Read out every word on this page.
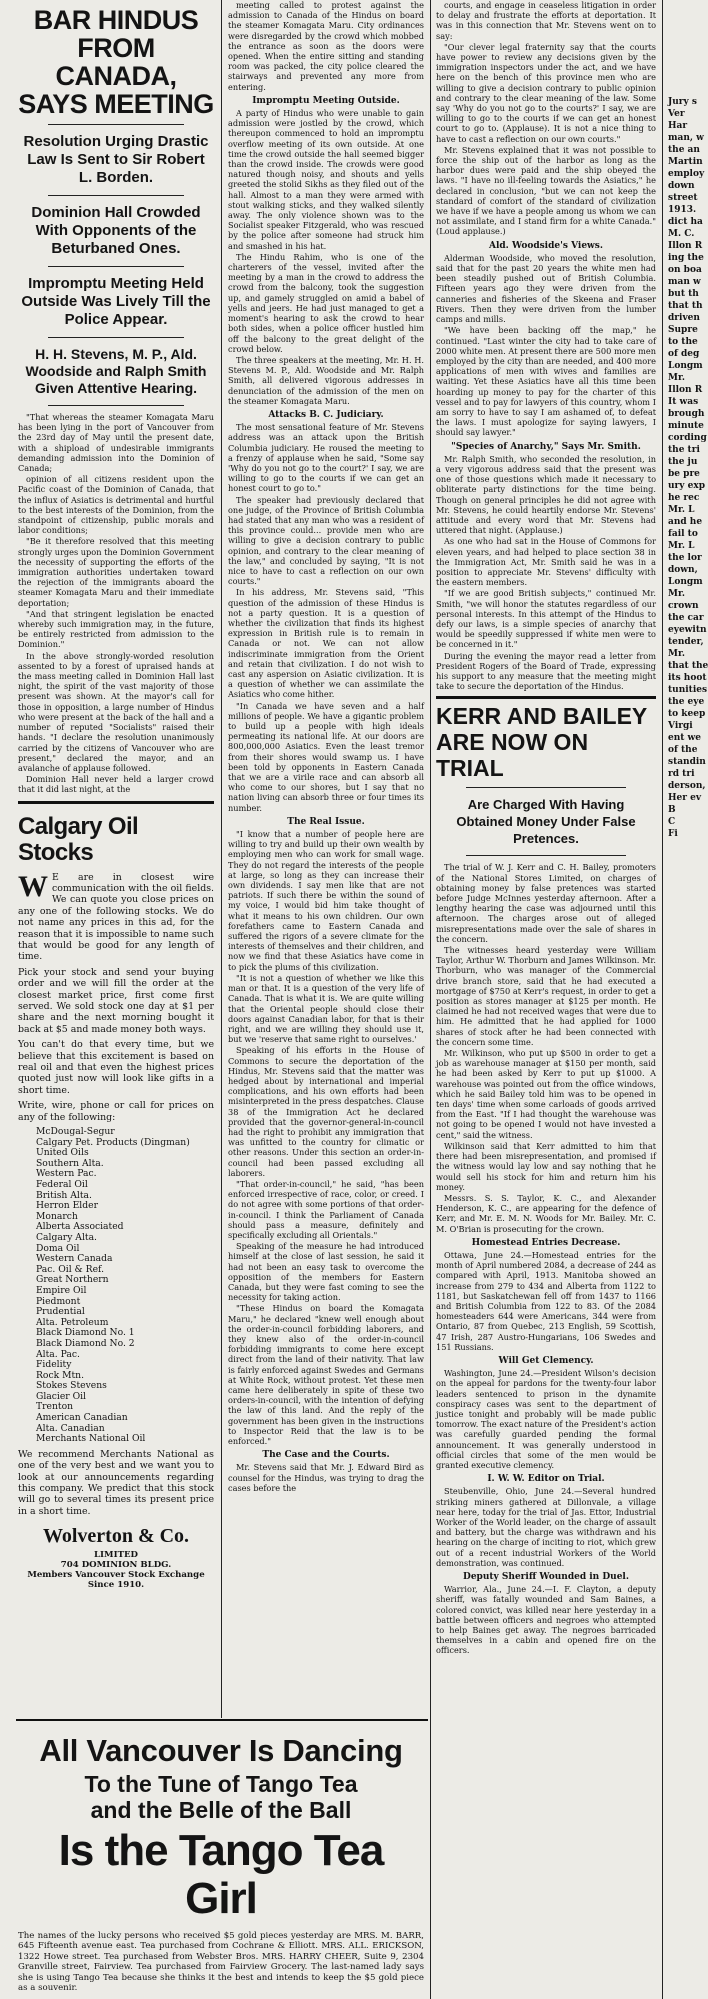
BAR HINDUS FROM CANADA, SAYS MEETING
Resolution Urging Drastic Law Is Sent to Sir Robert L. Borden.
Dominion Hall Crowded With Opponents of the Beturbaned Ones.
Impromptu Meeting Held Outside Was Lively Till the Police Appear.
H. H. Stevens, M. P., Ald. Woodside and Ralph Smith Given Attentive Hearing.

"That whereas the steamer Komagata Maru has been lying in the port of Vancouver from the 23rd day of May until the present date, with a shipload of undesirable immigrants demanding admission into the Dominion of Canada;

opinion of all citizens resident upon the Pacific coast of the Dominion of Canada, that the influx of Asiatics is detrimental and hurtful to the best interests of the Dominion, from the standpoint of citizenship, public morals and labor conditions;

"Be it therefore resolved that this meeting strongly urges upon the Dominion Government the necessity of supporting the efforts of the immigration authorities undertaken toward the rejection of the immigrants aboard the steamer Komagata Maru and their immediate deportation;

"And that stringent legislation be enacted whereby such immigration may, in the future, be entirely restricted from admission to the Dominion."

In the above strongly-worded resolution assented to by a forest of upraised hands at the mass meeting called in Dominion Hall last night, the spirit of the vast majority of those present was shown. At the mayor's call for those in opposition, a large number of Hindus who were present at the back of the hall and a number of reputed "Socialists" raised their hands. "I declare the resolution unanimously carried by the citizens of Vancouver who are present," declared the mayor, and an avalanche of applause followed.

Dominion Hall never held a larger crowd that it did last night, at the

Calgary Oil Stocks

W E are in closest wire communication with the oil fields. We can quote you close prices on any one of the following stocks. We do not name any prices in this ad, for the reason that it is impossible to name such that would be good for any length of time.

Pick your stock and send your buying order and we will fill the order at the closest market price, first come first served. We sold stock one day at $1 per share and the next morning bought it back at $5 and made money both ways.

You can't do that every time, but we believe that this excitement is based on real oil and that even the highest prices quoted just now will look like gifts in a short time.

Write, wire, phone or call for prices on any of the following:

McDougal-Segur
Calgary Pet. Products (Dingman)
United Oils
Southern Alta.
Western Pac.
Federal Oil
British Alta.
Herron Elder
Monarch
Alberta Associated
Calgary Alta.
Doma Oil
Western Canada
Pac. Oil & Ref.
Great Northern
Empire Oil
Piedmont
Prudential
Alta. Petroleum
Black Diamond No. 1
Black Diamond No. 2
Alta. Pac.
Fidelity
Rock Mtn.
Stokes Stevens
Glacier Oil
Trenton
American Canadian
Alta. Canadian
Merchants National Oil

We recommend Merchants National as one of the very best and we want you to look at our announcements regarding this company. We predict that this stock will go to several times its present price in a short time.

Wolverton & Co.
LIMITED
704 DOMINION BLDG.
Members Vancouver Stock Exchange
Since 1910.

meeting called to protest against the admission to Canada of the Hindus on board the steamer Komagata Maru. City ordinances were disregarded by the crowd which mobbed the entrance as soon as the doors were opened. When the entire sitting and standing room was packed, the city police cleared the stairways and prevented any more from entering.

Impromptu Meeting Outside.

A party of Hindus who were unable to gain admission were jostled by the crowd, which thereupon commenced to hold an impromptu overflow meeting of its own outside. At one time the crowd outside the hall seemed bigger than the crowd inside. The crowds were good natured though noisy, and shouts and yells greeted the stolid Sikhs as they filed out of the hall. Almost to a man they were armed with stout walking sticks, and they walked silently away. The only violence shown was to the Socialist speaker Fitzgerald, who was rescued by the police after someone had struck him and smashed in his hat.

The Hindu Rahim, who is one of the charterers of the vessel, invited after the meeting by a man in the crowd to address the crowd from the balcony, took the suggestion up, and gamely struggled on amid a babel of yells and jeers. He had just managed to get a moment's hearing to ask the crowd to hear both sides, when a police officer hustled him off the balcony to the great delight of the crowd below.

The three speakers at the meeting, Mr. H. H. Stevens M. P., Ald. Woodside and Mr. Ralph Smith, all delivered vigorous addresses in denunciation of the admission of the men on the steamer Komagata Maru.

Attacks B. C. Judiciary.

The most sensational feature of Mr. Stevens address was an attack upon the British Columbia judiciary. He roused the meeting to a frenzy of applause when he said, "Some say 'Why do you not go to the court?' I say, we are willing to go to the courts if we can get an honest court to go to."

The speaker had previously declared that one judge, of the Province of British Columbia had stated that any man who was a resident of this province could... provide men who are willing to give a decision contrary to public opinion, and contrary to the clear meaning of the law," and concluded by saying, "It is not nice to have to cast a reflection on our own courts."

In his address, Mr. Stevens said, "This question of the admission of these Hindus is not a party question. It is a question of whether the civilization that finds its highest expression in British rule is to remain in Canada or not. We can not allow indiscriminate immigration from the Orient and retain that civilization. I do not wish to cast any aspersion on Asiatic civilization. It is a question of whether we can assimilate the Asiatics who come hither.

"In Canada we have seven and a half millions of people. We have a gigantic problem to build up a people with high ideals permeating its national life. At our doors are 800,000,000 Asiatics. Even the least tremor from their shores would swamp us. I have been told by opponents in Eastern Canada that we are a virile race and can absorb all who come to our shores, but I say that no nation living can absorb three or four times its number.

The Real Issue.

"I know that a number of people here are willing to try and build up their own wealth by employing men who can work for small wage. They do not regard the interests of the people at large, so long as they can increase their own dividends. I say men like that are not patriots. If such there be within the sound of my voice, I would bid him take thought of what it means to his own children. Our own forefathers came to Eastern Canada and suffered the rigors of a severe climate for the interests of themselves and their children, and now we find that these Asiatics have come in to pick the plums of this civilization.

"It is not a question of whether we like this man or that. It is a question of the very life of Canada. That is what it is. We are quite willing that the Oriental people should close their doors against Canadian labor, for that is their right, and we are willing they should use it, but we 'reserve that same right to ourselves.'

Speaking of his efforts in the House of Commons to secure the deportation of the Hindus, Mr. Stevens said that the matter was hedged about by international and imperial complications, and his own efforts had been misinterpreted in the press despatches. Clause 38 of the Immigration Act he declared provided that the governor-general-in-council had the right to prohibit any immigration that was unfitted to the country for climatic or other reasons. Under this section an order-in-council had been passed excluding all laborers.

"That order-in-council," he said, "has been enforced irrespective of race, color, or creed. I do not agree with some portions of that order-in-council. I think the Parliament of Canada should pass a measure, definitely and specifically excluding all Orientals."

Speaking of the measure he had introduced himself at the close of last session, he said it had not been an easy task to overcome the opposition of the members for Eastern Canada, but they were fast coming to see the necessity for taking action.

"These Hindus on board the Komagata Maru," he declared "knew well enough about the order-in-council forbidding laborers, and they knew also of the order-in-council forbidding immigrants to come here except direct from the land of their nativity. That law is fairly enforced against Swedes and Germans at White Rock, without protest. Yet these men came here deliberately in spite of these two orders-in-council, with the intention of defying the law of this land. And the reply of the government has been given in the instructions to Inspector Reid that the law is to be enforced."

The Case and the Courts.

Mr. Stevens said that Mr. J. Edward Bird as counsel for the Hindus, was trying to drag the cases before the

All Vancouver Is Dancing
To the Tune of Tango Tea
and the Belle of the Ball
Is the Tango Tea Girl
The names of the lucky persons who received $5 gold pieces yesterday are MRS. M. BARR, 645 Fifteenth avenue east. Tea purchased from Cochrane & Elliott. MRS. ALL. ERICKSON, 1322 Howe street. Tea purchased from Webster Bros. MRS. HARRY CHEER, Suite 9, 2304 Granville street, Fairview. Tea purchased from Fairview Grocery. The last-named lady says she is using Tango Tea because she thinks it the best and intends to keep the $5 gold piece as a souvenir.

courts, and engage in ceaseless litigation in order to delay and frustrate the efforts at deportation. It was in this connection that Mr. Stevens went on to say:

"Our clever legal fraternity say that the courts have power to review any decisions given by the immigration inspectors under the act, and we have here on the bench of this province men who are willing to give a decision contrary to public opinion and contrary to the clear meaning of the law. Some say 'Why do you not go to the courts?' I say, we are willing to go to the courts if we can get an honest court to go to. (Applause). It is not a nice thing to have to cast a reflection on our own courts."

Mr. Stevens explained that it was not possible to force the ship out of the harbor as long as the harbor dues were paid and the ship obeyed the laws. "I have no ill-feeling towards the Asiatics," he declared in conclusion, "but we can not keep the standard of comfort of the standard of civilization we have if we have a people among us whom we can not assimilate, and I stand firm for a white Canada." (Loud applause.)

Ald. Woodside's Views.

Alderman Woodside, who moved the resolution, said that for the past 20 years the white men had been steadily pushed out of British Columbia. Fifteen years ago they were driven from the canneries and fisheries of the Skeena and Fraser Rivers. Then they were driven from the lumber camps and mills.

"We have been backing off the map," he continued. "Last winter the city had to take care of 2000 white men. At present there are 500 more men employed by the city than are needed, and 400 more applications of men with wives and families are waiting. Yet these Asiatics have all this time been hoarding up money to pay for the charter of this vessel and to pay for lawyers of this country, whom I am sorry to have to say I am ashamed of, to defeat the laws. I must apologize for saying lawyers, I should say lawyer."

"Species of Anarchy," Says Mr. Smith.

Mr. Ralph Smith, who seconded the resolution, in a very vigorous address said that the present was one of those questions which made it necessary to obliterate party distinctions for the time being. Though on general principles he did not agree with Mr. Stevens, he could heartily endorse Mr. Stevens' attitude and every word that Mr. Stevens had uttered that night. (Applause.)

As one who had sat in the House of Commons for eleven years, and had helped to place section 38 in the Immigration Act, Mr. Smith said he was in a position to appreciate Mr. Stevens' difficulty with the eastern members.

"If we are good British subjects," continued Mr. Smith, "we will honor the statutes regardless of our personal interests. In this attempt of the Hindus to defy our laws, is a simple species of anarchy that would be speedily suppressed if white men were to be concerned in it."

During the evening the mayor read a letter from President Rogers of the Board of Trade, expressing his support to any measure that the meeting might take to secure the deportation of the Hindus.

KERR AND BAILEY ARE NOW ON TRIAL
Are Charged With Having Obtained Money Under False Pretences.

The trial of W. J. Kerr and C. H. Bailey, promoters of the National Stores Limited, on charges of obtaining money by false pretences was started before Judge McInnes yesterday afternoon. After a lengthy hearing the case was adjourned until this afternoon. The charges arose out of alleged misrepresentations made over the sale of shares in the concern.

The witnesses heard yesterday were William Taylor, Arthur W. Thorburn and James Wilkinson. Mr. Thorburn, who was manager of the Commercial drive branch store, said that he had executed a mortgage of $750 at Kerr's request, in order to get a position as stores manager at $125 per month. He claimed he had not received wages that were due to him. He admitted that he had applied for 1000 shares of stock after he had been connected with the concern some time.

Mr. Wilkinson, who put up $500 in order to get a job as warehouse manager at $150 per month, said he had been asked by Kerr to put up $1000. A warehouse was pointed out from the office windows, which he said Bailey told him was to be opened in ten days' time when some carloads of goods arrived from the East. "If I had thought the warehouse was not going to be opened I would not have invested a cent," said the witness.

Wilkinson said that Kerr admitted to him that there had been misrepresentation, and promised if the witness would lay low and say nothing that he would sell his stock for him and return him his money.

Messrs. S. S. Taylor, K. C., and Alexander Henderson, K. C., are appearing for the defence of Kerr, and Mr. E. M. N. Woods for Mr. Bailey. Mr. C. M. O'Brian is prosecuting for the crown.

Homestead Entries Decrease.

Ottawa, June 24.—Homestead entries for the month of April numbered 2084, a decrease of 244 as compared with April, 1913. Manitoba showed an increase from 279 to 434 and Alberta from 1122 to 1181, but Saskatchewan fell off from 1437 to 1166 and British Columbia from 122 to 83. Of the 2084 homesteaders 644 were Americans, 344 were from Ontario, 87 from Quebec, 213 English, 59 Scottish, 47 Irish, 287 Austro-Hungarians, 106 Swedes and 151 Russians.

Will Get Clemency.

Washington, June 24.—President Wilson's decision on the appeal for pardons for the twenty-four labor leaders sentenced to prison in the dynamite conspiracy cases was sent to the department of justice tonight and probably will be made public tomorrow. The exact nature of the President's action was carefully guarded pending the formal announcement. It was generally understood in official circles that some of the men would be granted executive clemency.

I. W. W. Editor on Trial.

Steubenville, Ohio, June 24.—Several hundred striking miners gathered at Dillonvale, a village near here, today for the trial of Jas. Ettor, Industrial Worker of the World leader, on the charge of assault and battery, but the charge was withdrawn and his hearing on the charge of inciting to riot, which grew out of a recent industrial Workers of the World demonstration, was continued.

Deputy Sheriff Wounded in Duel.

Warrior, Ala., June 24.—I. F. Clayton, a deputy sheriff, was fatally wounded and Sam Baines, a colored convict, was killed near here yesterday in a battle between officers and negroes who attempted to help Baines get away. The negroes barricaded themselves in a cabin and opened fire on the officers.

Jury s
Ver
Har
man, w
the an
Martin
employ
down
street
1913.
dict ha
M. C.
Illon R
ing the
on boa
man w
but th
that th
driven
Supre
to the
of deg
Longm
Mr.
Illon R
It was
brough
minute
cording
the tri
the ju
be pre
ury exp
he rec
Mr. L
and he
fail to
Mr. L
the lor
down,
Longm
Mr.
crown
the car
eyewitn
tender,
Mr.
that the
its hoot
tunities
the eye
to keep
Virgi
ent we
of the
standin
rd tri
derson,
Her ev
B
C
Fi
